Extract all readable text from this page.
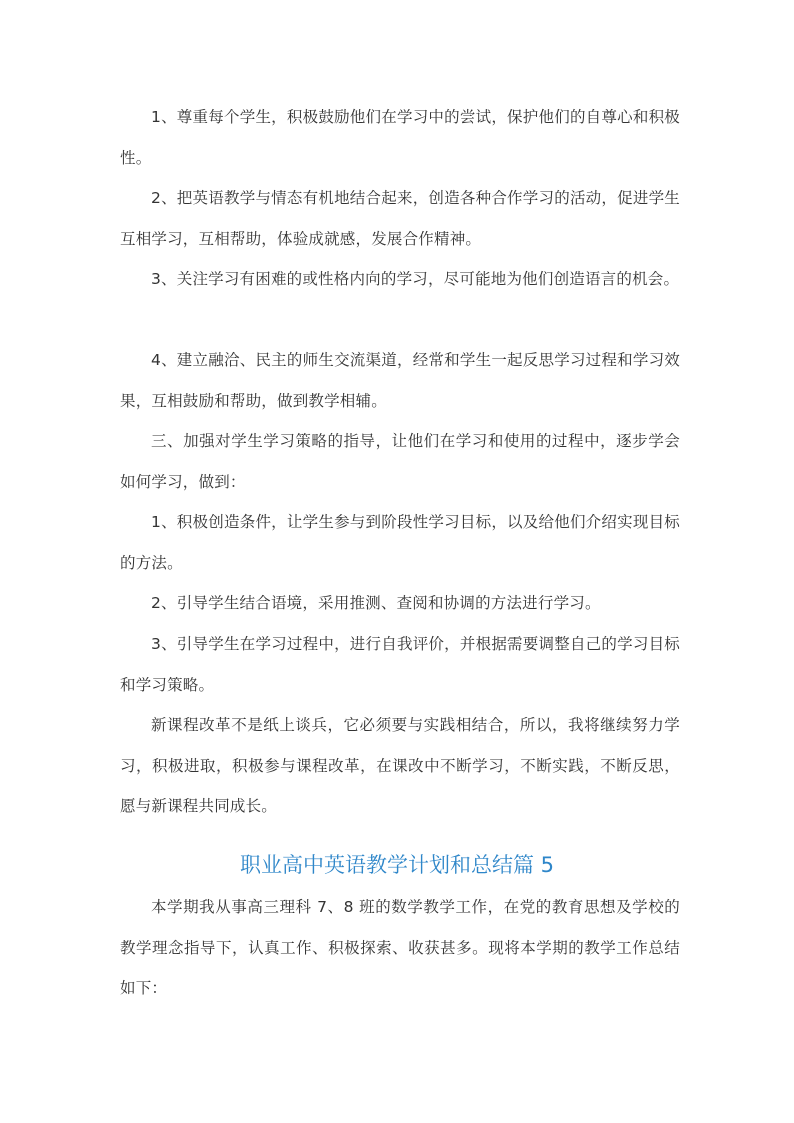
1、尊重每个学生，积极鼓励他们在学习中的尝试，保护他们的自尊心和积极性。

2、把英语教学与情态有机地结合起来，创造各种合作学习的活动，促进学生互相学习，互相帮助，体验成就感，发展合作精神。

3、关注学习有困难的或性格内向的学习，尽可能地为他们创造语言的机会。

4、建立融洽、民主的师生交流渠道，经常和学生一起反思学习过程和学习效果，互相鼓励和帮助，做到教学相辅。

三、加强对学生学习策略的指导，让他们在学习和使用的过程中，逐步学会如何学习，做到：

1、积极创造条件，让学生参与到阶段性学习目标，以及给他们介绍实现目标的方法。

2、引导学生结合语境，采用推测、查阅和协调的方法进行学习。

3、引导学生在学习过程中，进行自我评价，并根据需要调整自己的学习目标和学习策略。

新课程改革不是纸上谈兵，它必须要与实践相结合，所以，我将继续努力学习，积极进取，积极参与课程改革，在课改中不断学习，不断实践，不断反思，愿与新课程共同成长。

职业高中英语教学计划和总结篇 5

本学期我从事高三理科 7、8 班的数学教学工作，在党的教育思想及学校的教学理念指导下，认真工作、积极探索、收获甚多。现将本学期的教学工作总结如下：
